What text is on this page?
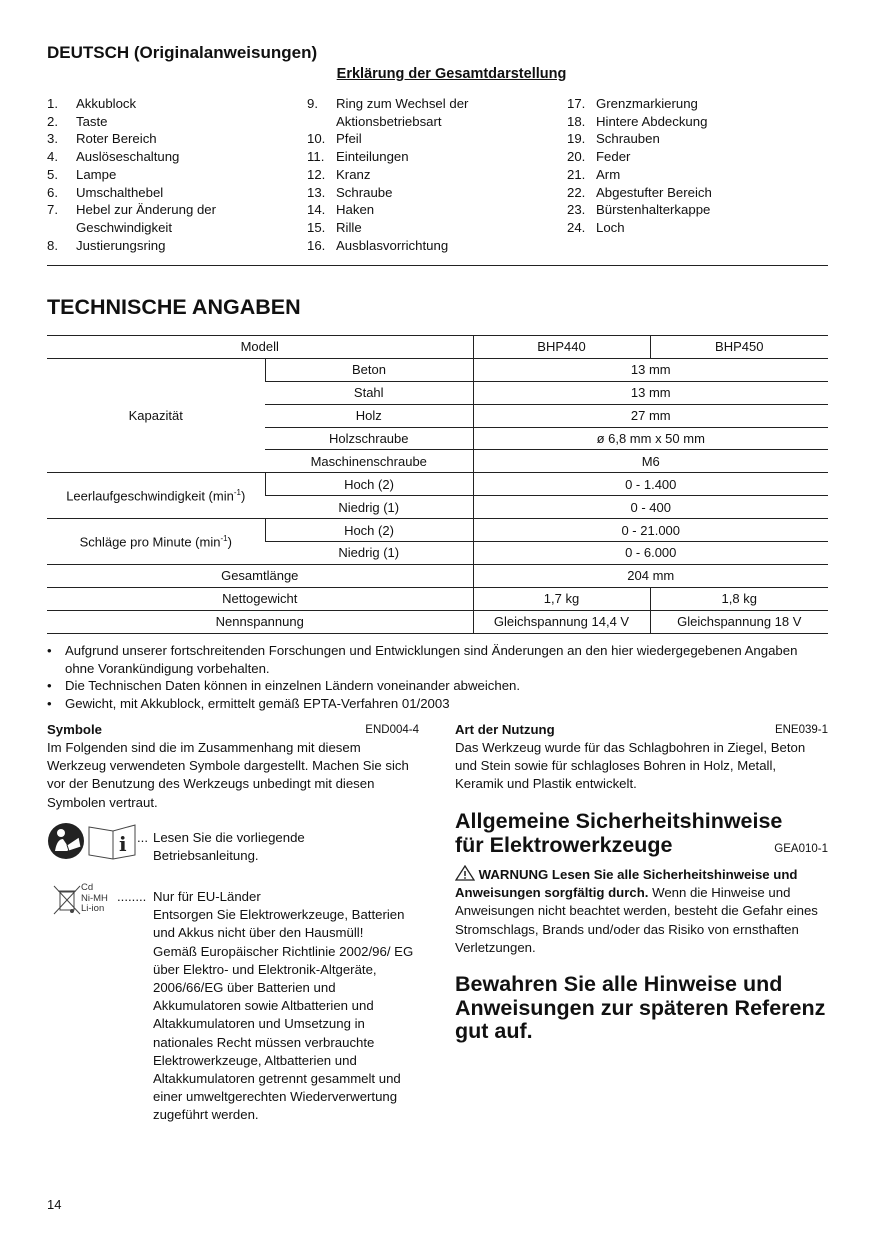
DEUTSCH (Originalanweisungen)
Erklärung der Gesamtdarstellung
1.	Akkublock
2.	Taste
3.	Roter Bereich
4.	Auslöseschaltung
5.	Lampe
6.	Umschalthebel
7.	Hebel zur Änderung der Geschwindigkeit
8.	Justierungsring
9.	Ring zum Wechsel der Aktionsbetriebsart
10. Pfeil
11. Einteilungen
12. Kranz
13. Schraube
14. Haken
15. Rille
16. Ausblasvorrichtung
17. Grenzmarkierung
18. Hintere Abdeckung
19. Schrauben
20. Feder
21. Arm
22. Abgestufter Bereich
23. Bürstenhalterkappe
24. Loch
TECHNISCHE ANGABEN
Modell		BHP440	BHP450
Kapazität	Beton	13 mm	
	Stahl	13 mm	
	Holz	27 mm	
	Holzschraube	ø 6,8 mm x 50 mm	
	Maschinenschraube	M6	
Leerlaufgeschwindigkeit $(\min^{-1})$	Hoch (2)	0 - 1.400	
	Niedrig (1)	0 - 400	
Schläge pro Minute $(\min^{-1})$	Hoch (2)	0 - 21.000	
	Niedrig (1)	0 - 6.000	
Gesamtlänge		204 mm	
Nettogewicht		1,7 kg	1,8 kg
Nennspannung		Gleichspannung 14,4 V	Gleichspannung 18 V
•	Aufgrund unserer fortschreitenden Forschungen und Entwicklungen sind Änderungen an den hier wiedergegebenen Angaben ohne Vorankündigung vorbehalten.
•	Die Technischen Daten können in einzelnen Ländern voneinander abweichen.
•	Gewicht, mit Akkublock, ermittelt gemäß EPTA-Verfahren 01/2003
Symbole	END004-4
Im Folgenden sind die im Zusammenhang mit diesem Werkzeug verwendeten Symbole dargestellt. Machen Sie sich vor der Benutzung des Werkzeugs unbedingt mit diesen Symbolen vertraut.
i ... Lesen Sie die vorliegende Betriebsanleitung.
Cd
Ni-MH
Li-ion
........ Nur für EU-Länder
Entsorgen Sie Elektrowerkzeuge, Batterien und Akkus nicht über den Hausmüll!
Gemäß Europäischer Richtlinie 2002/96/ EG über Elektro- und Elektronik-Altgeräte, 2006/66/EG über Batterien und Akkumulatoren sowie Altbatterien und Altakkumulatoren und Umsetzung in nationales Recht müssen verbrauchte Elektrowerkzeuge, Altbatterien und Altakkumulatoren getrennt gesammelt und einer umweltgerechten Wiederverwertung zugeführt werden.
Art der Nutzung	ENE039-1
Das Werkzeug wurde für das Schlagbohren in Ziegel, Beton und Stein sowie für schlagloses Bohren in Holz, Metall, Keramik und Plastik entwickelt.
Allgemeine Sicherheitshinweise
für Elektrowerkzeuge	GEA010-1
WARNUNG Lesen Sie alle Sicherheitshinweise und Anweisungen sorgfältig durch. Wenn die Hinweise und Anweisungen nicht beachtet werden, besteht die Gefahr eines Stromschlags, Brands und/oder das Risiko von ernsthaften Verletzungen.
Bewahren Sie alle Hinweise und Anweisungen zur späteren Referenz gut auf.
14
